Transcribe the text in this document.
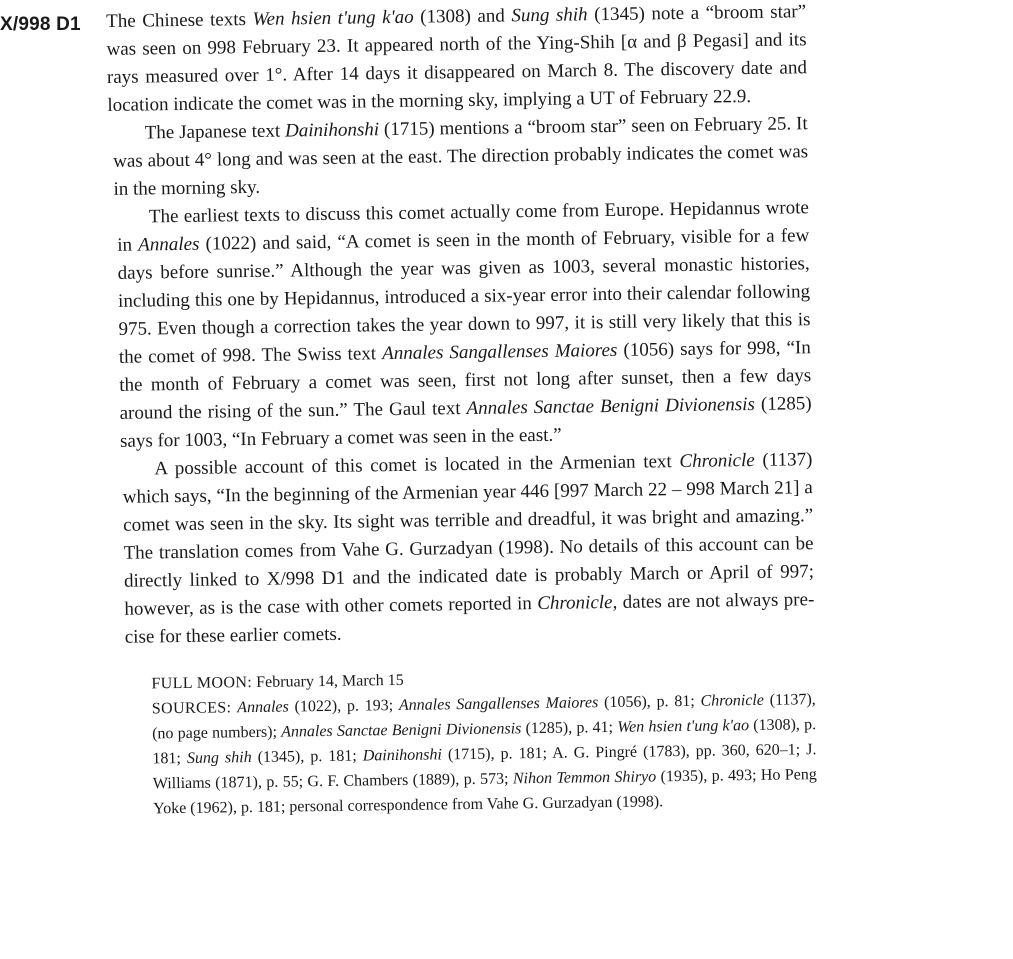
X/998 D1	The Chinese texts Wen hsien t'ung k'ao (1308) and Sung shih (1345) note a “broom star” was seen on 998 February 23. It appeared north of the Ying-Shih [α and β Pegasi] and its rays measured over 1°. After 14 days it disappeared on March 8. The discovery date and location indicate the comet was in the morning sky, implying a UT of February 22.9.

The Japanese text Dainihonshi (1715) mentions a “broom star” seen on February 25. It was about 4° long and was seen at the east. The direction probably indicates the comet was in the morning sky.

The earliest texts to discuss this comet actually come from Europe. Hepidannus wrote in Annales (1022) and said, “A comet is seen in the month of February, visible for a few days before sunrise.” Although the year was given as 1003, several monastic histories, including this one by Hepidannus, introduced a six-year error into their calendar following 975. Even though a correction takes the year down to 997, it is still very likely that this is the comet of 998. The Swiss text Annales Sangallenses Maiores (1056) says for 998, “In the month of February a comet was seen, first not long after sunset, then a few days around the rising of the sun.” The Gaul text Annales Sanctae Benigni Divionensis (1285) says for 1003, “In February a comet was seen in the east.”

A possible account of this comet is located in the Armenian text Chronicle (1137) which says, “In the beginning of the Armenian year 446 [997 March 22 – 998 March 21] a comet was seen in the sky. Its sight was terrible and dreadful, it was bright and amazing.” The translation comes from Vahe G. Gurzadyan (1998). No details of this account can be directly linked to X/998 D1 and the indicated date is probably March or April of 997; however, as is the case with other comets reported in Chronicle, dates are not always precise for these earlier comets.

FULL MOON: February 14, March 15
SOURCES: Annales (1022), p. 193; Annales Sangallenses Maiores (1056), p. 81; Chronicle (1137), (no page numbers); Annales Sanctae Benigni Divionensis (1285), p. 41; Wen hsien t'ung k'ao (1308), p. 181; Sung shih (1345), p. 181; Dainihonshi (1715), p. 181; A. G. Pingré (1783), pp. 360, 620–1; J. Williams (1871), p. 55; G. F. Chambers (1889), p. 573; Nihon Temmon Shiryo (1935), p. 493; Ho Peng Yoke (1962), p. 181; personal correspondence from Vahe G. Gurzadyan (1998).
